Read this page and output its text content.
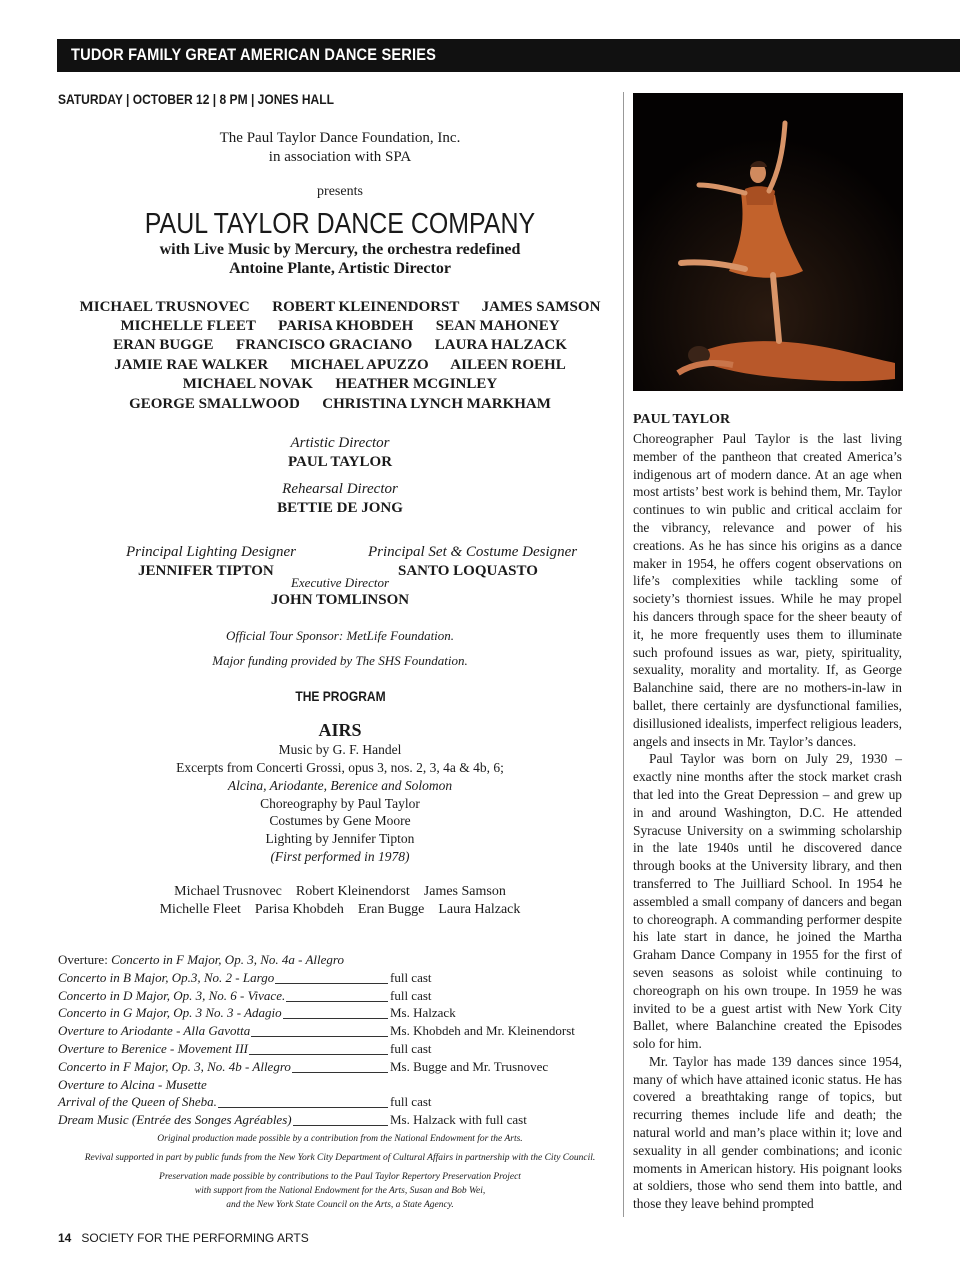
TUDOR FAMILY GREAT AMERICAN DANCE SERIES
SATURDAY | OCTOBER 12 | 8 PM | JONES HALL
The Paul Taylor Dance Foundation, Inc.
in association with SPA
presents
PAUL TAYLOR DANCE COMPANY
with Live Music by Mercury, the orchestra redefined
Antoine Plante, Artistic Director
MICHAEL TRUSNOVEC      ROBERT KLEINENDORST      JAMES SAMSON
MICHELLE FLEET      PARISA KHOBDEH      SEAN MAHONEY
ERAN BUGGE      FRANCISCO GRACIANO      LAURA HALZACK
JAMIE RAE WALKER      MICHAEL APUZZO      AILEEN ROEHL
MICHAEL NOVAK      HEATHER MCGINLEY
GEORGE SMALLWOOD      CHRISTINA LYNCH MARKHAM
Artistic Director
PAUL TAYLOR
Rehearsal Director
BETTIE DE JONG
Principal Lighting Designer
JENNIFER TIPTON
Principal Set & Costume Designer
SANTO LOQUASTO
Executive Director
JOHN TOMLINSON
Official Tour Sponsor: MetLife Foundation.
Major funding provided by The SHS Foundation.
THE PROGRAM
AIRS
Music by G. F. Handel
Excerpts from Concerti Grossi, opus 3, nos. 2, 3, 4a & 4b, 6;
Alcina, Ariodante, Berenice and Solomon
Choreography by Paul Taylor
Costumes by Gene Moore
Lighting by Jennifer Tipton
(First performed in 1978)
Michael Trusnovec    Robert Kleinendorst    James Samson
Michelle Fleet    Parisa Khobdeh    Eran Bugge    Laura Halzack
Overture: Concerto in F Major, Op. 3, No. 4a - Allegro
Concerto in B Major, Op.3, No. 2 - Largo	full cast
Concerto in D Major, Op. 3, No. 6 - Vivace.	full cast
Concerto in G Major, Op. 3 No. 3 - Adagio	Ms. Halzack
Overture to Ariodante - Alla Gavotta	Ms. Khobdeh and Mr. Kleinendorst
Overture to Berenice - Movement III	full cast
Concerto in F Major, Op. 3, No. 4b - Allegro	Ms. Bugge and Mr. Trusnovec
Overture to Alcina - Musette
Arrival of the Queen of Sheba.	full cast
Dream Music (Entrée des Songes Agréables)	Ms. Halzack with full cast
Original production made possible by a contribution from the National Endowment for the Arts.
Revival supported in part by public funds from the New York City Department of Cultural Affairs in partnership with the City Council.
Preservation made possible by contributions to the Paul Taylor Repertory Preservation Project
with support from the National Endowment for the Arts, Susan and Bob Wei,
and the New York State Council on the Arts, a State Agency.
14 SOCIETY FOR THE PERFORMING ARTS
PAUL TAYLOR

Choreographer Paul Taylor is the last living member of the pantheon that created America’s indigenous art of modern dance. At an age when most artists’ best work is behind them, Mr. Taylor continues to win public and critical acclaim for the vibrancy, relevance and power of his creations. As he has since his origins as a dance maker in 1954, he offers cogent observations on life’s complexities while tackling some of society’s thorniest issues. While he may propel his dancers through space for the sheer beauty of it, he more frequently uses them to illuminate such profound issues as war, piety, spirituality, sexuality, morality and mortality. If, as George Balanchine said, there are no mothers-in-law in ballet, there certainly are dysfunctional families, disillusioned idealists, imperfect religious leaders, angels and insects in Mr. Taylor’s dances.

Paul Taylor was born on July 29, 1930 – exactly nine months after the stock market crash that led into the Great Depression – and grew up in and around Washington, D.C. He attended Syracuse University on a swimming scholarship in the late 1940s until he discovered dance through books at the University library, and then transferred to The Juilliard School. In 1954 he assembled a small company of dancers and began to choreograph. A commanding performer despite his late start in dance, he joined the Martha Graham Dance Company in 1955 for the first of seven seasons as soloist while continuing to choreograph on his own troupe. In 1959 he was invited to be a guest artist with New York City Ballet, where Balanchine created the Episodes solo for him.

Mr. Taylor has made 139 dances since 1954, many of which have attained iconic status. He has covered a breathtaking range of topics, but recurring themes include life and death; the natural world and man’s place within it; love and sexuality in all gender combinations; and iconic moments in American history. His poignant looks at soldiers, those who send them into battle, and those they leave behind prompted
